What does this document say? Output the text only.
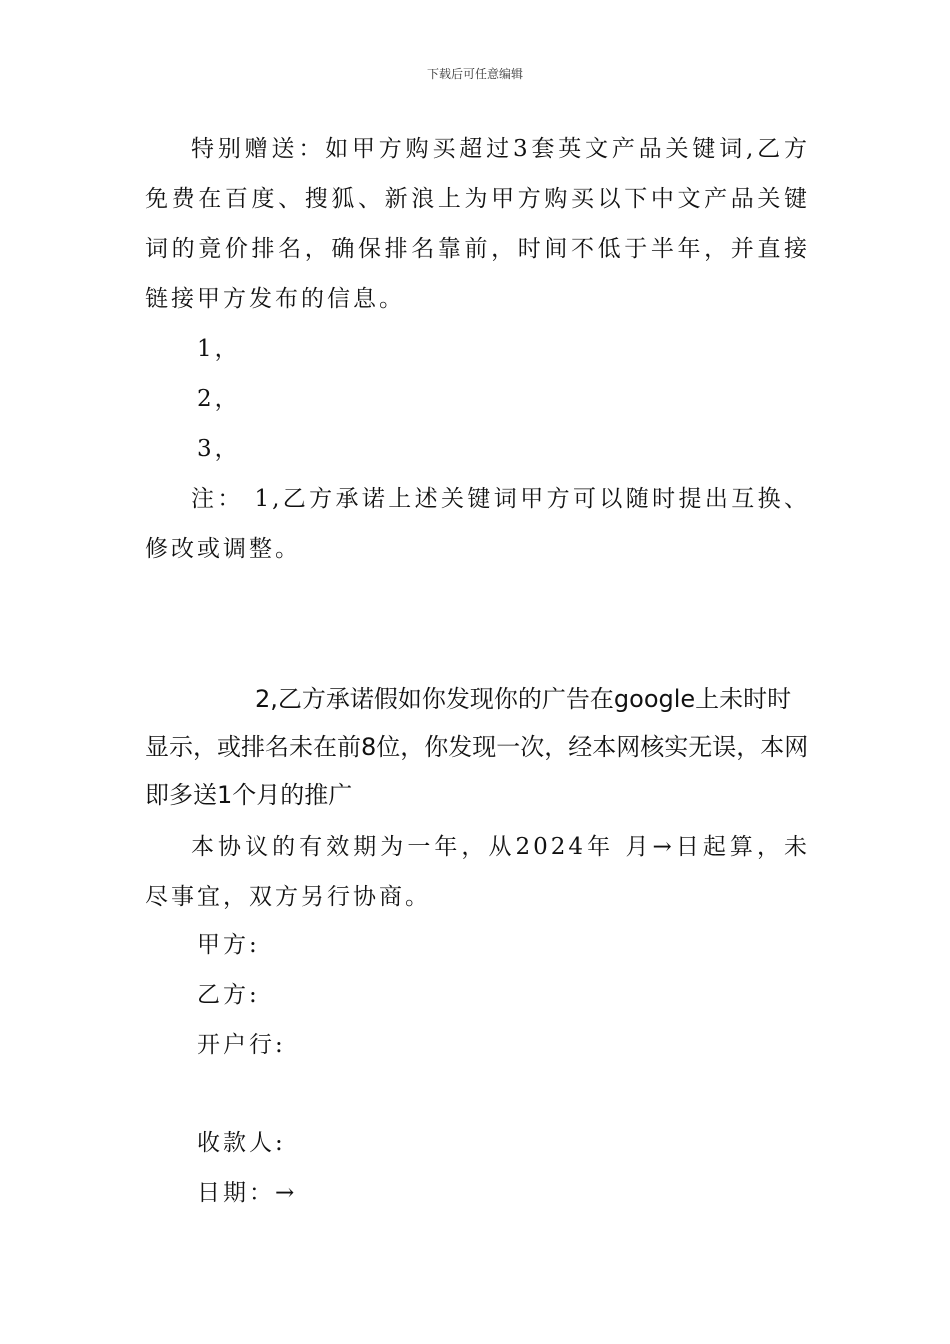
下载后可任意编辑

特别赠送：如甲方购买超过3套英文产品关键词,乙方免费在百度、搜狐、新浪上为甲方购买以下中文产品关键词的竟价排名，确保排名靠前，时间不低于半年，并直接链接甲方发布的信息。

1，
2，
3，

注： 1,乙方承诺上述关键词甲方可以随时提出互换、修改或调整。

2,乙方承诺假如你发现你的广告在google上未时时显示，或排名未在前8位，你发现一次，经本网核实无误，本网即多送1个月的推广

本协议的有效期为一年，从2024年 月→日起算，未尽事宜，双方另行协商。

甲方:
乙方:
开户行:
收款人:
日期：→
